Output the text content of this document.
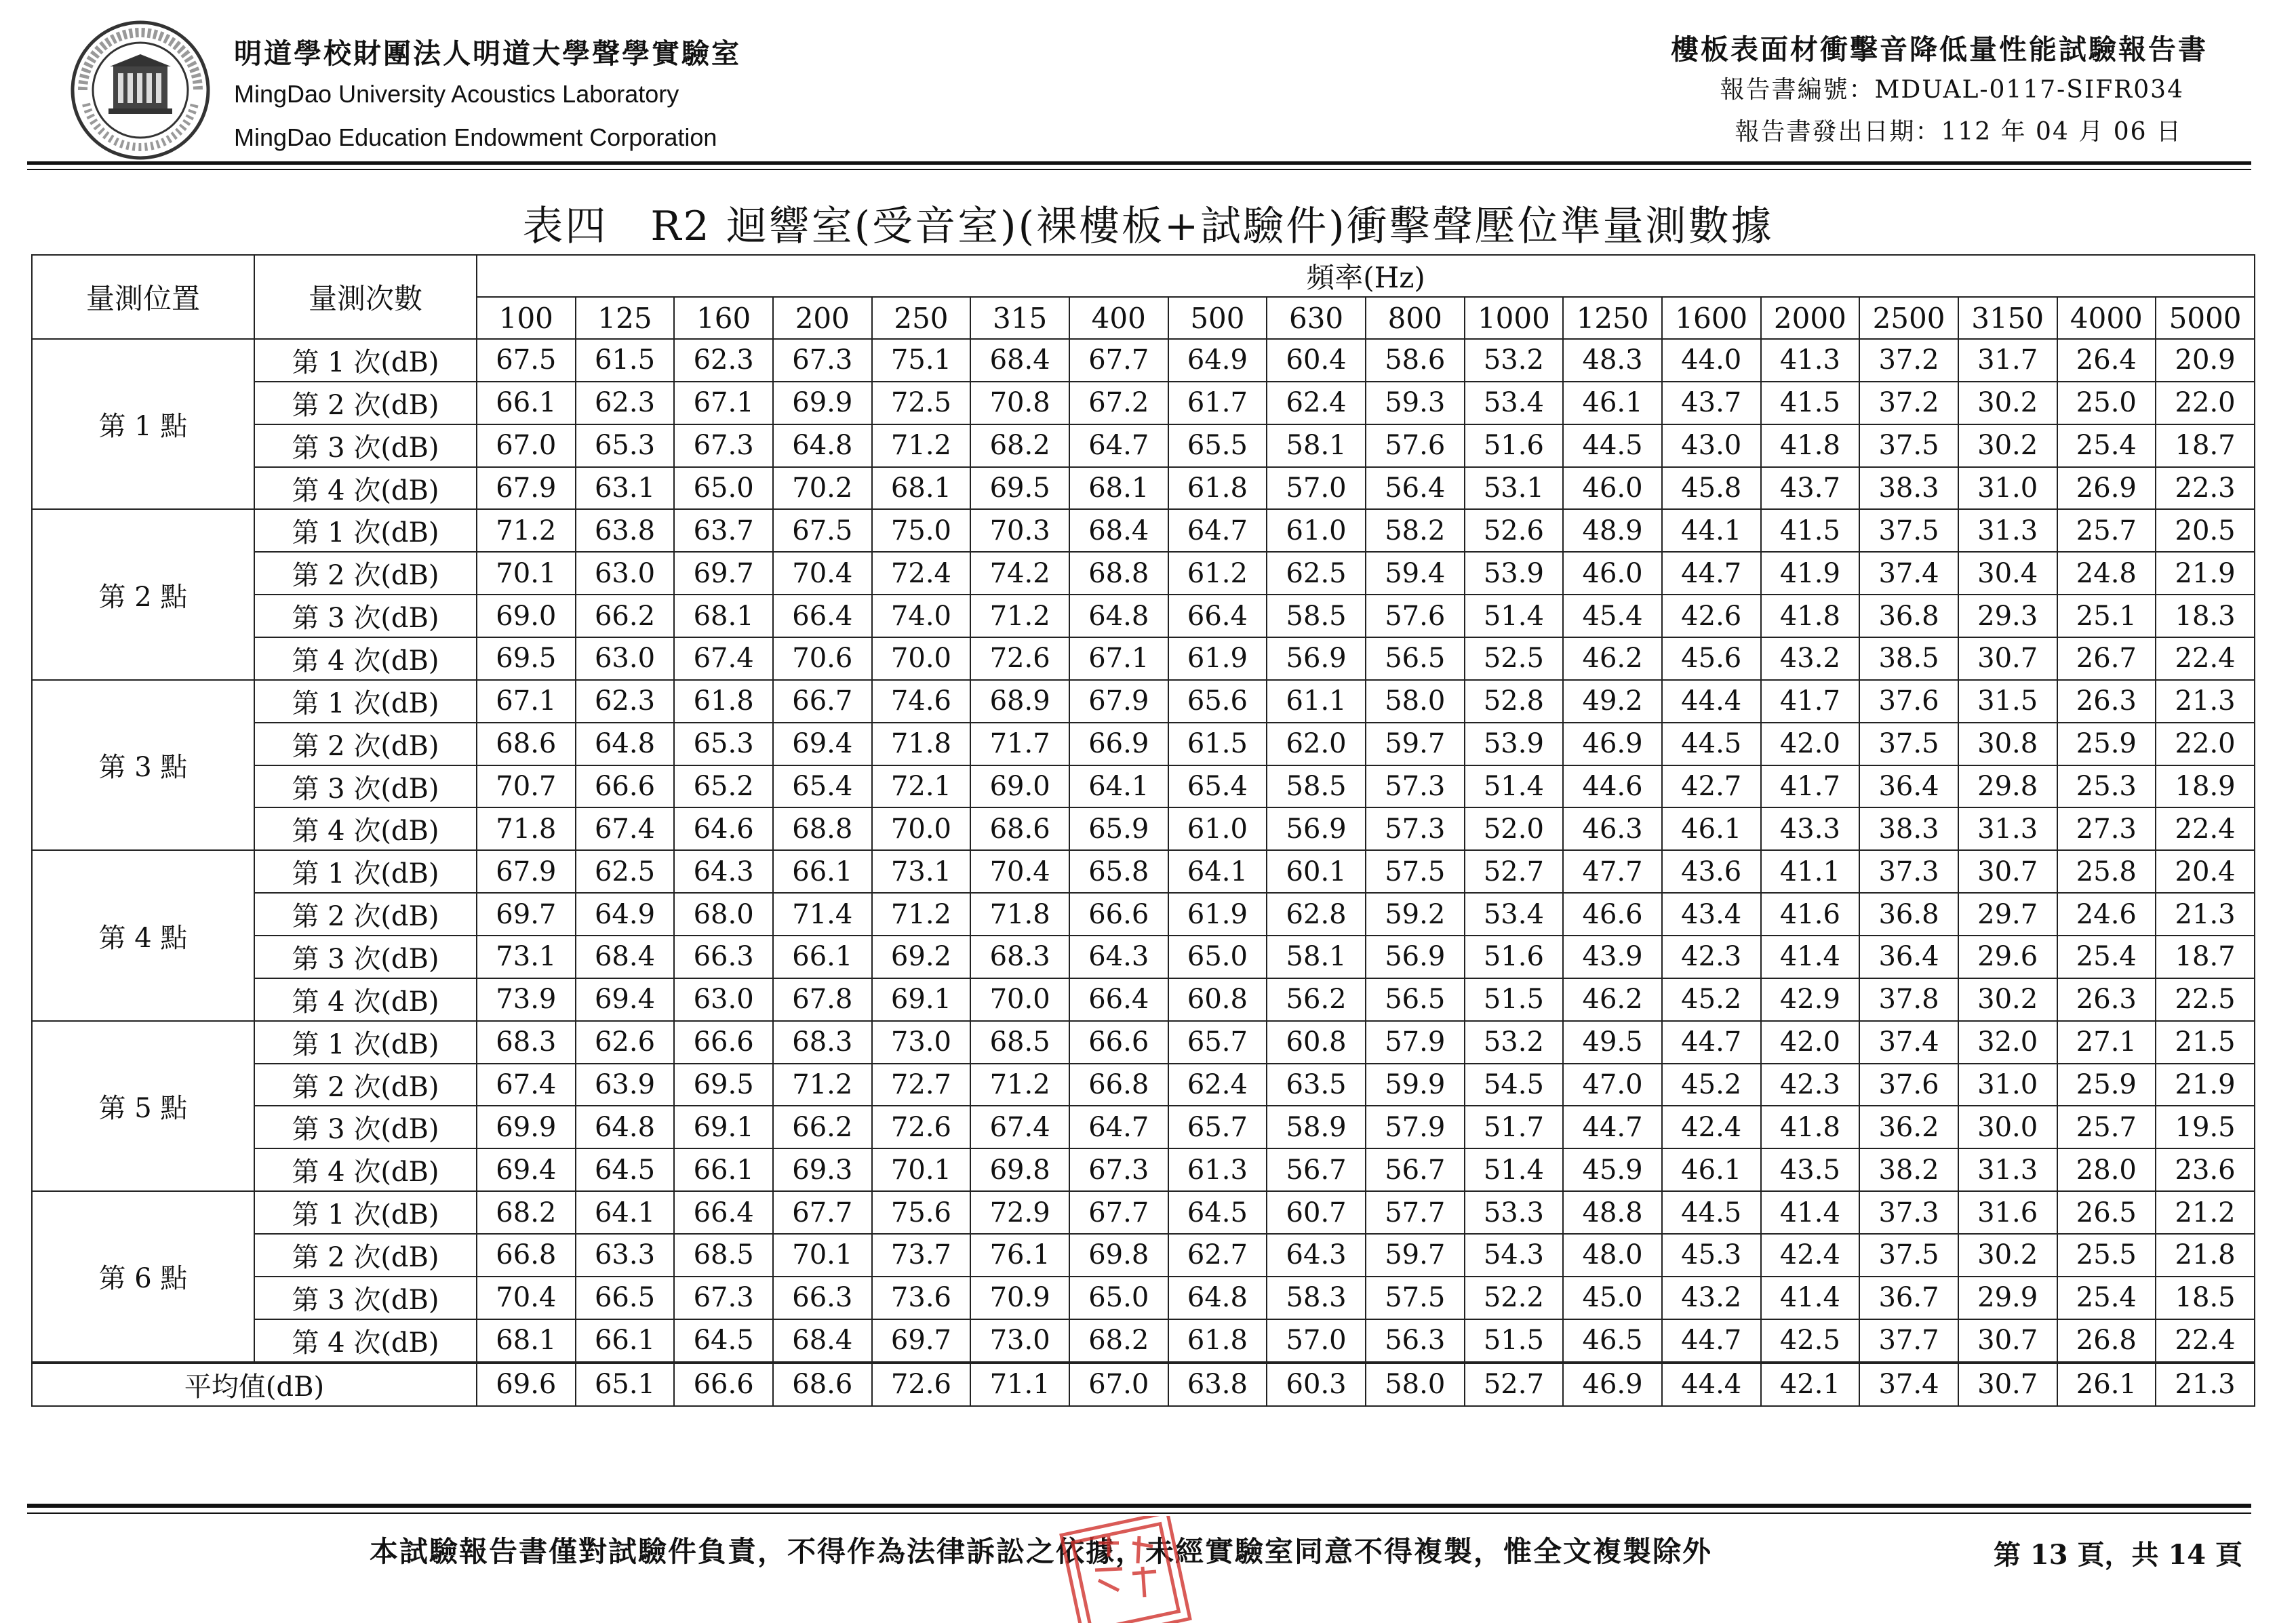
明道學校財團法人明道大學聲學實驗室
MingDao University Acoustics Laboratory
MingDao Education Endowment Corporation
樓板表面材衝擊音降低量性能試驗報告書
報告書編號：MDUAL-0117-SIFR034
報告書發出日期：112 年 04 月 06 日
表四　R2 迴響室(受音室)(裸樓板+試驗件)衝擊聲壓位準量測數據
量測位置	量測次數	頻率(Hz)																	
		100	125	160	200	250	315	400	500	630	800	1000	1250	1600	2000	2500	3150	4000	5000
第 1 點	第 1 次(dB)	67.5	61.5	62.3	67.3	75.1	68.4	67.7	64.9	60.4	58.6	53.2	48.3	44.0	41.3	37.2	31.7	26.4	20.9
	第 2 次(dB)	66.1	62.3	67.1	69.9	72.5	70.8	67.2	61.7	62.4	59.3	53.4	46.1	43.7	41.5	37.2	30.2	25.0	22.0
	第 3 次(dB)	67.0	65.3	67.3	64.8	71.2	68.2	64.7	65.5	58.1	57.6	51.6	44.5	43.0	41.8	37.5	30.2	25.4	18.7
	第 4 次(dB)	67.9	63.1	65.0	70.2	68.1	69.5	68.1	61.8	57.0	56.4	53.1	46.0	45.8	43.7	38.3	31.0	26.9	22.3
第 2 點	第 1 次(dB)	71.2	63.8	63.7	67.5	75.0	70.3	68.4	64.7	61.0	58.2	52.6	48.9	44.1	41.5	37.5	31.3	25.7	20.5
	第 2 次(dB)	70.1	63.0	69.7	70.4	72.4	74.2	68.8	61.2	62.5	59.4	53.9	46.0	44.7	41.9	37.4	30.4	24.8	21.9
	第 3 次(dB)	69.0	66.2	68.1	66.4	74.0	71.2	64.8	66.4	58.5	57.6	51.4	45.4	42.6	41.8	36.8	29.3	25.1	18.3
	第 4 次(dB)	69.5	63.0	67.4	70.6	70.0	72.6	67.1	61.9	56.9	56.5	52.5	46.2	45.6	43.2	38.5	30.7	26.7	22.4
第 3 點	第 1 次(dB)	67.1	62.3	61.8	66.7	74.6	68.9	67.9	65.6	61.1	58.0	52.8	49.2	44.4	41.7	37.6	31.5	26.3	21.3
	第 2 次(dB)	68.6	64.8	65.3	69.4	71.8	71.7	66.9	61.5	62.0	59.7	53.9	46.9	44.5	42.0	37.5	30.8	25.9	22.0
	第 3 次(dB)	70.7	66.6	65.2	65.4	72.1	69.0	64.1	65.4	58.5	57.3	51.4	44.6	42.7	41.7	36.4	29.8	25.3	18.9
	第 4 次(dB)	71.8	67.4	64.6	68.8	70.0	68.6	65.9	61.0	56.9	57.3	52.0	46.3	46.1	43.3	38.3	31.3	27.3	22.4
第 4 點	第 1 次(dB)	67.9	62.5	64.3	66.1	73.1	70.4	65.8	64.1	60.1	57.5	52.7	47.7	43.6	41.1	37.3	30.7	25.8	20.4
	第 2 次(dB)	69.7	64.9	68.0	71.4	71.2	71.8	66.6	61.9	62.8	59.2	53.4	46.6	43.4	41.6	36.8	29.7	24.6	21.3
	第 3 次(dB)	73.1	68.4	66.3	66.1	69.2	68.3	64.3	65.0	58.1	56.9	51.6	43.9	42.3	41.4	36.4	29.6	25.4	18.7
	第 4 次(dB)	73.9	69.4	63.0	67.8	69.1	70.0	66.4	60.8	56.2	56.5	51.5	46.2	45.2	42.9	37.8	30.2	26.3	22.5
第 5 點	第 1 次(dB)	68.3	62.6	66.6	68.3	73.0	68.5	66.6	65.7	60.8	57.9	53.2	49.5	44.7	42.0	37.4	32.0	27.1	21.5
	第 2 次(dB)	67.4	63.9	69.5	71.2	72.7	71.2	66.8	62.4	63.5	59.9	54.5	47.0	45.2	42.3	37.6	31.0	25.9	21.9
	第 3 次(dB)	69.9	64.8	69.1	66.2	72.6	67.4	64.7	65.7	58.9	57.9	51.7	44.7	42.4	41.8	36.2	30.0	25.7	19.5
	第 4 次(dB)	69.4	64.5	66.1	69.3	70.1	69.8	67.3	61.3	56.7	56.7	51.4	45.9	46.1	43.5	38.2	31.3	28.0	23.6
第 6 點	第 1 次(dB)	68.2	64.1	66.4	67.7	75.6	72.9	67.7	64.5	60.7	57.7	53.3	48.8	44.5	41.4	37.3	31.6	26.5	21.2
	第 2 次(dB)	66.8	63.3	68.5	70.1	73.7	76.1	69.8	62.7	64.3	59.7	54.3	48.0	45.3	42.4	37.5	30.2	25.5	21.8
	第 3 次(dB)	70.4	66.5	67.3	66.3	73.6	70.9	65.0	64.8	58.3	57.5	52.2	45.0	43.2	41.4	36.7	29.9	25.4	18.5
	第 4 次(dB)	68.1	66.1	64.5	68.4	69.7	73.0	68.2	61.8	57.0	56.3	51.5	46.5	44.7	42.5	37.7	30.7	26.8	22.4
平均值(dB)		69.6	65.1	66.6	68.6	72.6	71.1	67.0	63.8	60.3	58.0	52.7	46.9	44.4	42.1	37.4	30.7	26.1	21.3
本試驗報告書僅對試驗件負責，不得作為法律訴訟之依據，未經實驗室同意不得複製，惟全文複製除外	第 13 頁，共 14 頁
